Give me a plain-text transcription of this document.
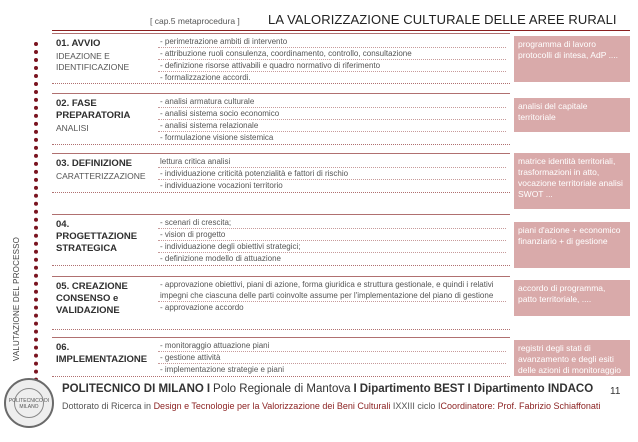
[ cap.5 metaprocedura ] LA VALORIZZAZIONE CULTURALE DELLE AREE RURALI
VALUTAZIONE DEL PROCESSO
01. AVVIO
IDEAZIONE E IDENTIFICAZIONE
- perimetrazione ambiti di intervento
- attribuzione ruoli consulenza, coordinamento, controllo, consultazione
- definizione risorse attivabili e quadro normativo di riferimento
- formalizzazione accordi.
02. FASE PREPARATORIA
ANALISI
- analisi armatura culturale
- analisi sistema socio economico
- analisi sistema relazionale
- formulazione visione sistemica
03. DEFINIZIONE
CARATTERIZZAZIONE
lettura critica analisi
- individuazione criticità potenzialità e fattori di rischio
- individuazione vocazioni territorio
04. PROGETTAZIONE STRATEGICA
- scenari di crescita;
- vision di progetto
- individuazione degli obiettivi strategici;
- definizione modello di attuazione
05. CREAZIONE CONSENSO e VALIDAZIONE
- approvazione obiettivi, piani di azione, forma giuridica e struttura gestionale, e quindi i relativi impegni che ciascuna delle parti coinvolte assume per l'implementazione del piano di gestione
- approvazione accordo
06. IMPLEMENTAZIONE
- monitoraggio attuazione piani
- gestione attività
- implementazione strategie e piani
programma di lavoro protocolli di intesa, AdP ....
analisi del capitale territoriale
matrice identità territoriali, trasformazioni in atto, vocazione territoriale analisi SWOT ...
piani d'azione + economico finanziario + di gestione
accordo di programma, patto territoriale, ....
registri degli stati di avanzamento e degli esiti delle azioni di monitoraggio
POLITECNICO DI MILANO
POLITECNICO DI MILANO I Polo Regionale di Mantova I Dipartimento BEST I Dipartimento INDACO
Dottorato di Ricerca in Design e Tecnologie per la Valorizzazione dei Beni Culturali IXXIII ciclo ICoordinatore: Prof. Fabrizio Schiaffonati
11
